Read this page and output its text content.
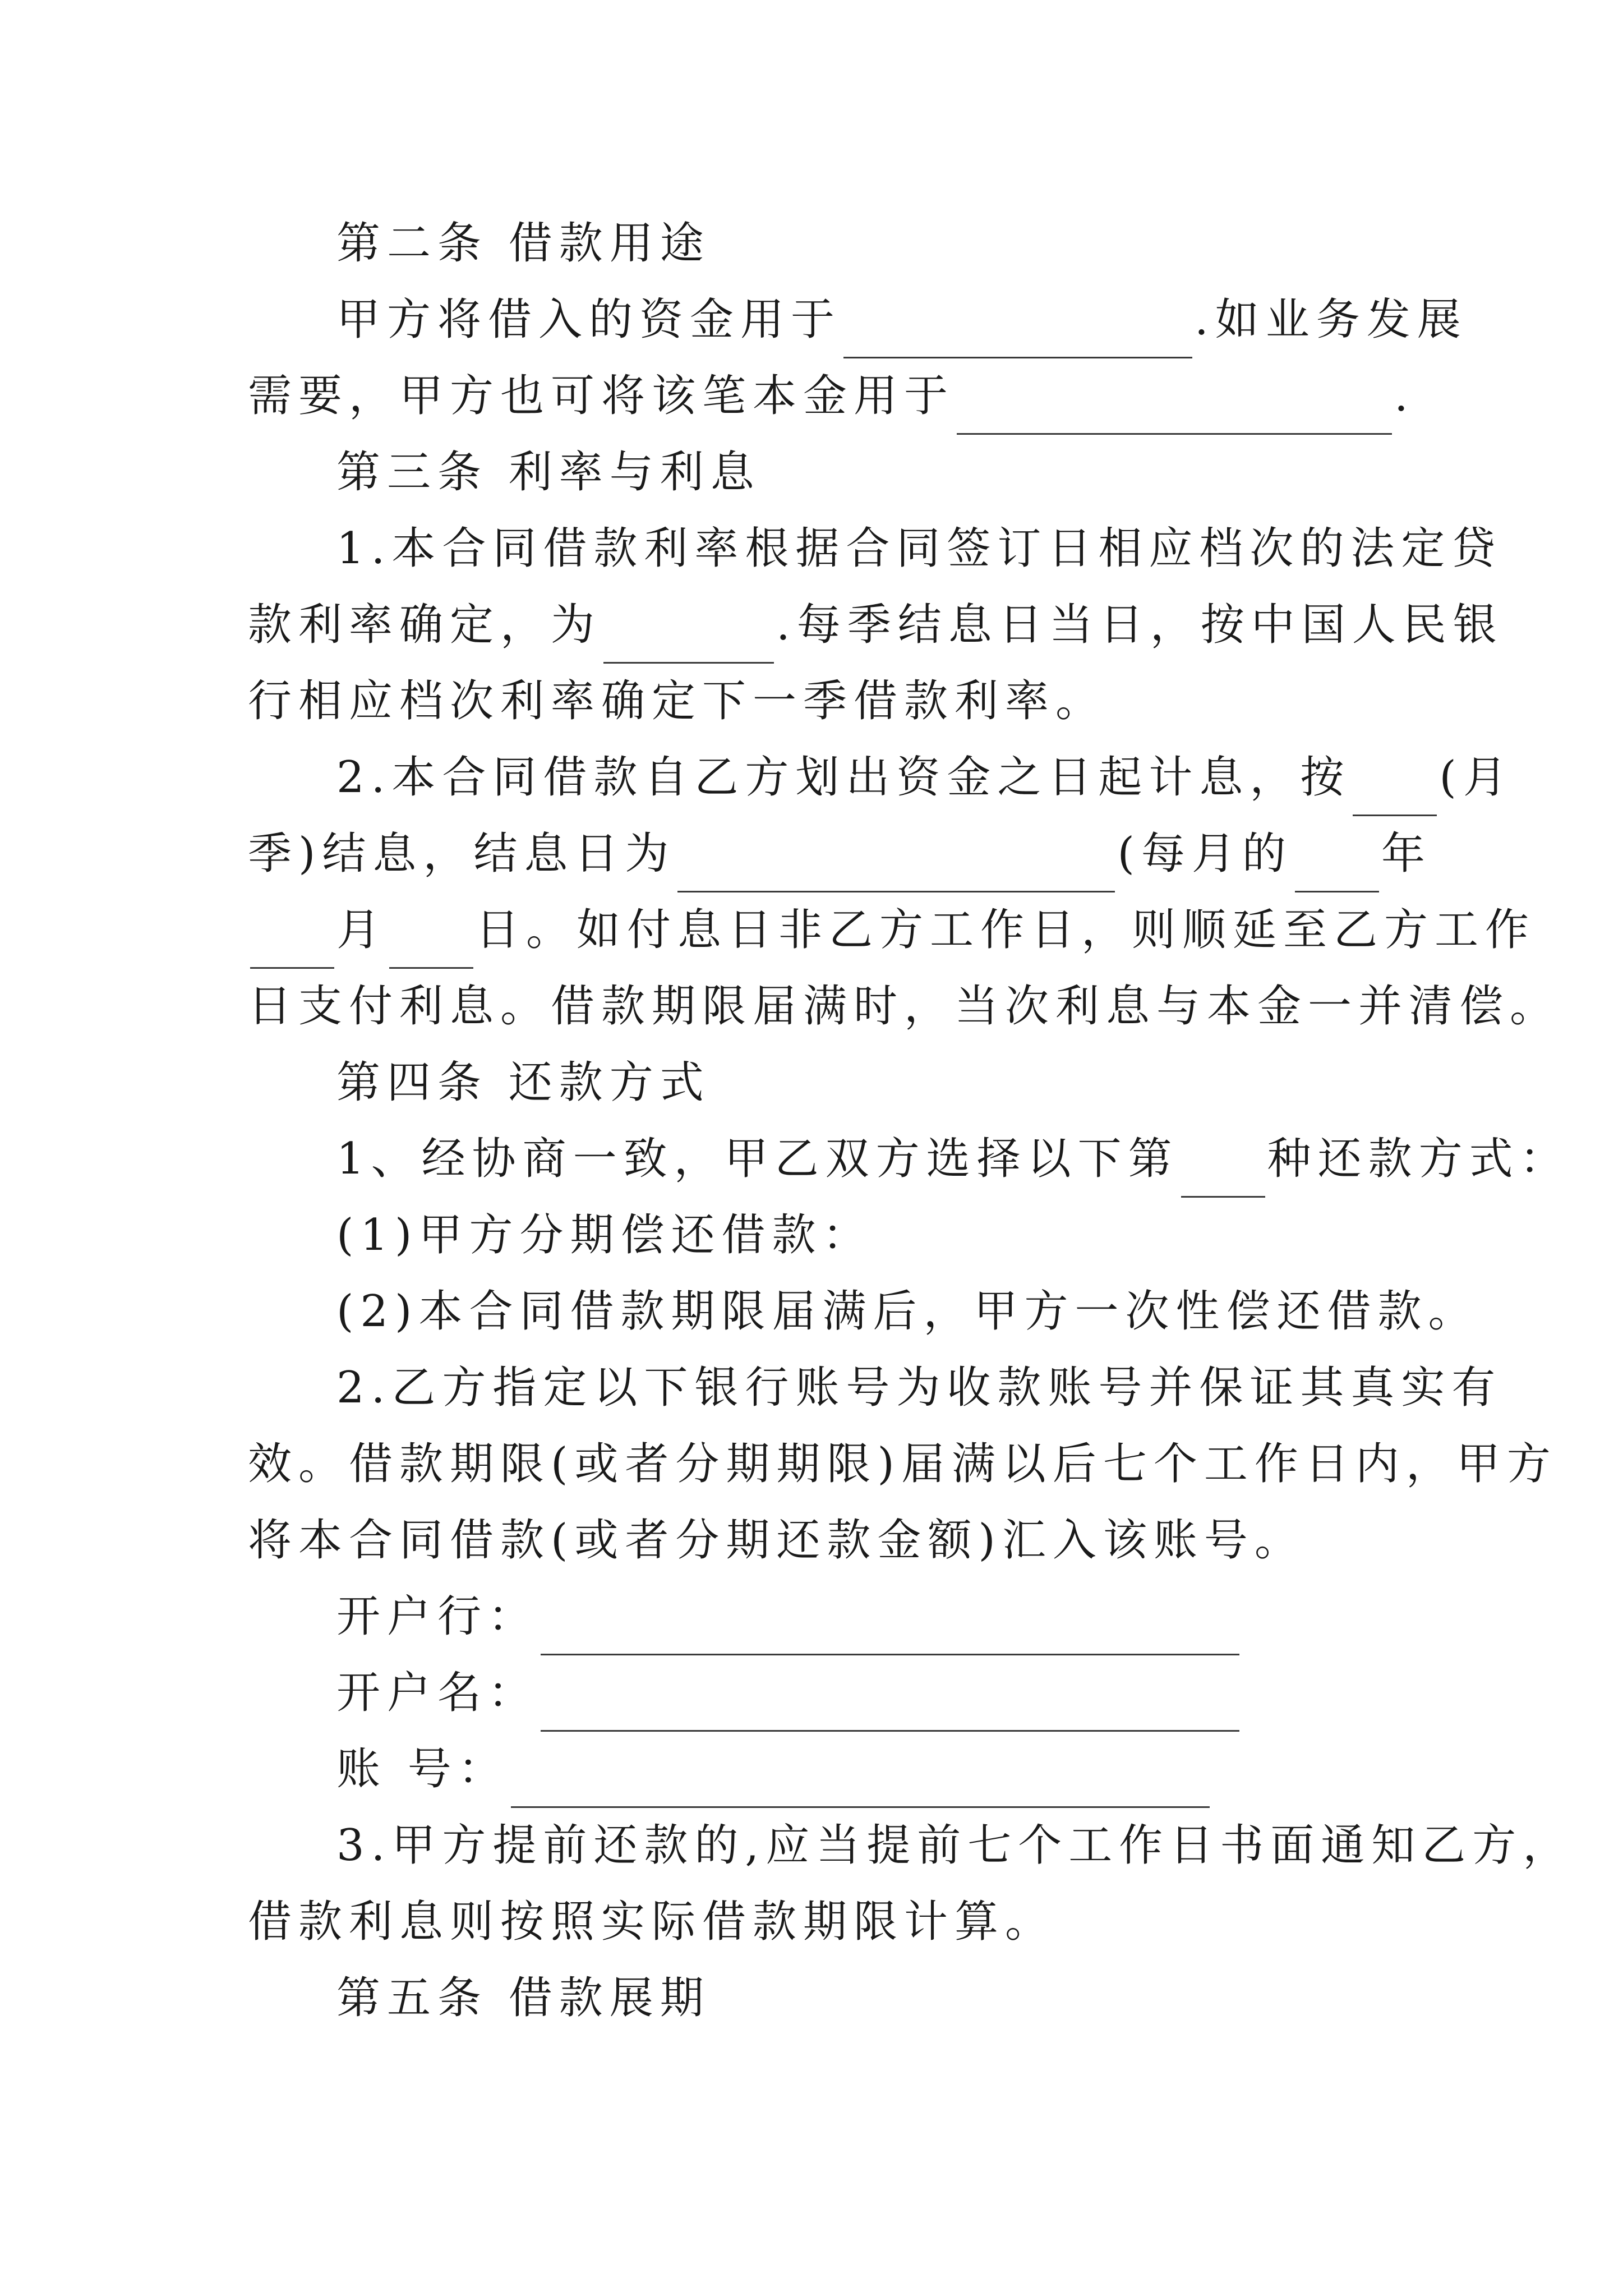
第二条 借款用途
甲方将借入的资金用于	.如业务发展
需要，甲方也可将该笔本金用于	.
第三条 利率与利息
1.本合同借款利率根据合同签订日相应档次的法定贷
款利率确定，为	.每季结息日当日，按中国人民银
行相应档次利率确定下一季借款利率。
2.本合同借款自乙方划出资金之日起计息，按 (月
季)结息，结息日为	(每月的 年
月 日。如付息日非乙方工作日，则顺延至乙方工作
日支付利息。借款期限届满时，当次利息与本金一并清偿。
第四条 还款方式
1、经协商一致，甲乙双方选择以下第 种还款方式：
(1)甲方分期偿还借款：
(2)本合同借款期限届满后，甲方一次性偿还借款。
2.乙方指定以下银行账号为收款账号并保证其真实有
效。借款期限(或者分期期限)届满以后七个工作日内，甲方
将本合同借款(或者分期还款金额)汇入该账号。
开户行：
开户名：
账 号：
3.甲方提前还款的,应当提前七个工作日书面通知乙方，
借款利息则按照实际借款期限计算。
第五条 借款展期
